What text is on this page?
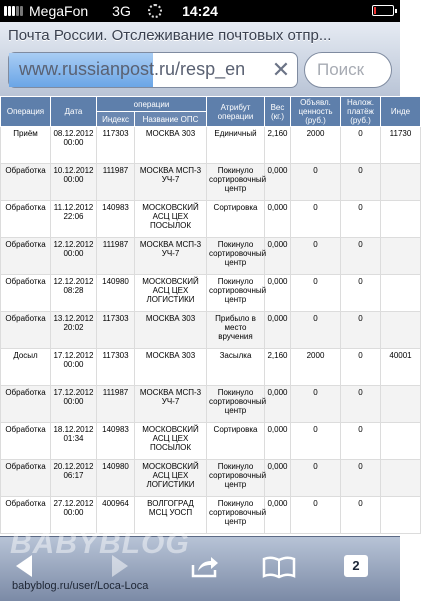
MegaFon 3G	14:24
Почта России. Отслеживание почтовых отпр...
www.russianpost.ru/resp_en	✕ Поиск
Операция	Дата	операции		Атрибут операции	Вес (кг.)	Объявл. ценность (руб.)	Налож. платёж (руб.)	Инде
		Индекс	Название ОПС					
Приём	08.12.2012 00:00	117303	МОСКВА 303	Единичный	2,160	2000	0	11730
Обработка	10.12.2012 00:00	111987	МОСКВА МСП-3 УЧ-7	Покинуло сортировочный центр	0,000	0	0	
Обработка	11.12.2012 22:06	140983	МОСКОВСКИЙ АСЦ ЦЕХ ПОСЫЛОК	Сортировка	0,000	0	0	
Обработка	12.12.2012 00:00	111987	МОСКВА МСП-3 УЧ-7	Покинуло сортировочный центр	0,000	0	0	
Обработка	12.12.2012 08:28	140980	МОСКОВСКИЙ АСЦ ЦЕХ ЛОГИСТИКИ	Покинуло сортировочный центр	0,000	0	0	
Обработка	13.12.2012 20:02	117303	МОСКВА 303	Прибыло в место вручения	0,000	0	0	
Досыл	17.12.2012 00:00	117303	МОСКВА 303	Засылка	2,160	2000	0	40001
Обработка	17.12.2012 00:00	111987	МОСКВА МСП-3 УЧ-7	Покинуло сортировочный центр	0,000	0	0	
Обработка	18.12.2012 01:34	140983	МОСКОВСКИЙ АСЦ ЦЕХ ПОСЫЛОК	Сортировка	0,000	0	0	
Обработка	20.12.2012 06:17	140980	МОСКОВСКИЙ АСЦ ЦЕХ ЛОГИСТИКИ	Покинуло сортировочный центр	0,000	0	0	
Обработка	27.12.2012 00:00	400964	ВОЛГОГРАД МСЦ УОСП	Покинуло сортировочный центр	0,000	0	0	
BABYBLOG
2
babyblog.ru/user/Loca-Loca
